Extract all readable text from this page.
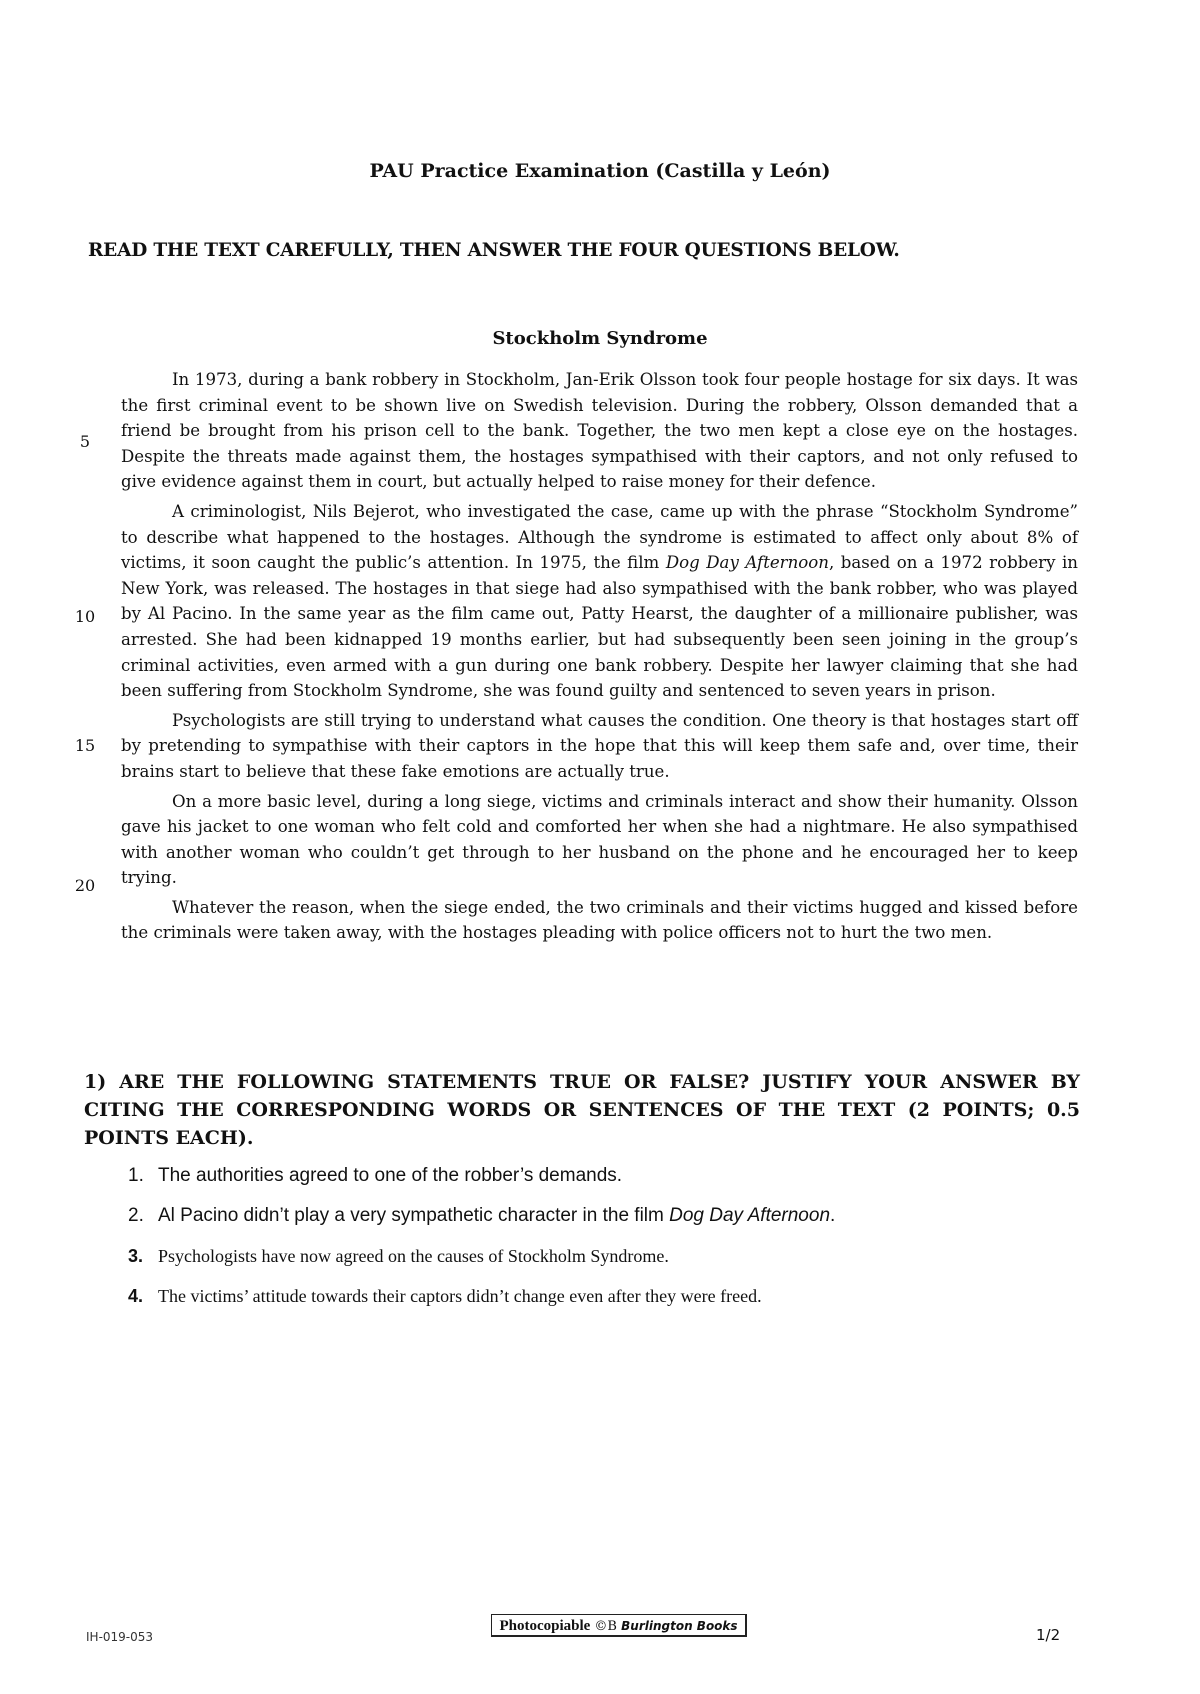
PAU Practice Examination (Castilla y León)
READ THE TEXT CAREFULLY, THEN ANSWER THE FOUR QUESTIONS BELOW.
Stockholm Syndrome
5
10
15
20

In 1973, during a bank robbery in Stockholm, Jan-Erik Olsson took four people hostage for six days. It was the first criminal event to be shown live on Swedish television. During the robbery, Olsson demanded that a friend be brought from his prison cell to the bank. Together, the two men kept a close eye on the hostages. Despite the threats made against them, the hostages sympathised with their captors, and not only refused to give evidence against them in court, but actually helped to raise money for their defence.

A criminologist, Nils Bejerot, who investigated the case, came up with the phrase “Stockholm Syndrome” to describe what happened to the hostages. Although the syndrome is estimated to affect only about 8% of victims, it soon caught the public’s attention. In 1975, the film Dog Day Afternoon, based on a 1972 robbery in New York, was released. The hostages in that siege had also sympathised with the bank robber, who was played by Al Pacino. In the same year as the film came out, Patty Hearst, the daughter of a millionaire publisher, was arrested. She had been kidnapped 19 months earlier, but had subsequently been seen joining in the group’s criminal activities, even armed with a gun during one bank robbery. Despite her lawyer claiming that she had been suffering from Stockholm Syndrome, she was found guilty and sentenced to seven years in prison.

Psychologists are still trying to understand what causes the condition. One theory is that hostages start off by pretending to sympathise with their captors in the hope that this will keep them safe and, over time, their brains start to believe that these fake emotions are actually true.

On a more basic level, during a long siege, victims and criminals interact and show their humanity. Olsson gave his jacket to one woman who felt cold and comforted her when she had a nightmare. He also sympathised with another woman who couldn’t get through to her husband on the phone and he encouraged her to keep trying.

Whatever the reason, when the siege ended, the two criminals and their victims hugged and kissed before the criminals were taken away, with the hostages pleading with police officers not to hurt the two men.

1) ARE THE FOLLOWING STATEMENTS TRUE OR FALSE? JUSTIFY YOUR ANSWER BY CITING THE CORRESPONDING WORDS OR SENTENCES OF THE TEXT (2 POINTS; 0.5 POINTS EACH).
1. The authorities agreed to one of the robber’s demands.
2. Al Pacino didn’t play a very sympathetic character in the film Dog Day Afternoon.
3. Psychologists have now agreed on the causes of Stockholm Syndrome.
4. The victims’ attitude towards their captors didn’t change even after they were freed.
IH-019-053
Photocopiable ©B Burlington Books	1/2
